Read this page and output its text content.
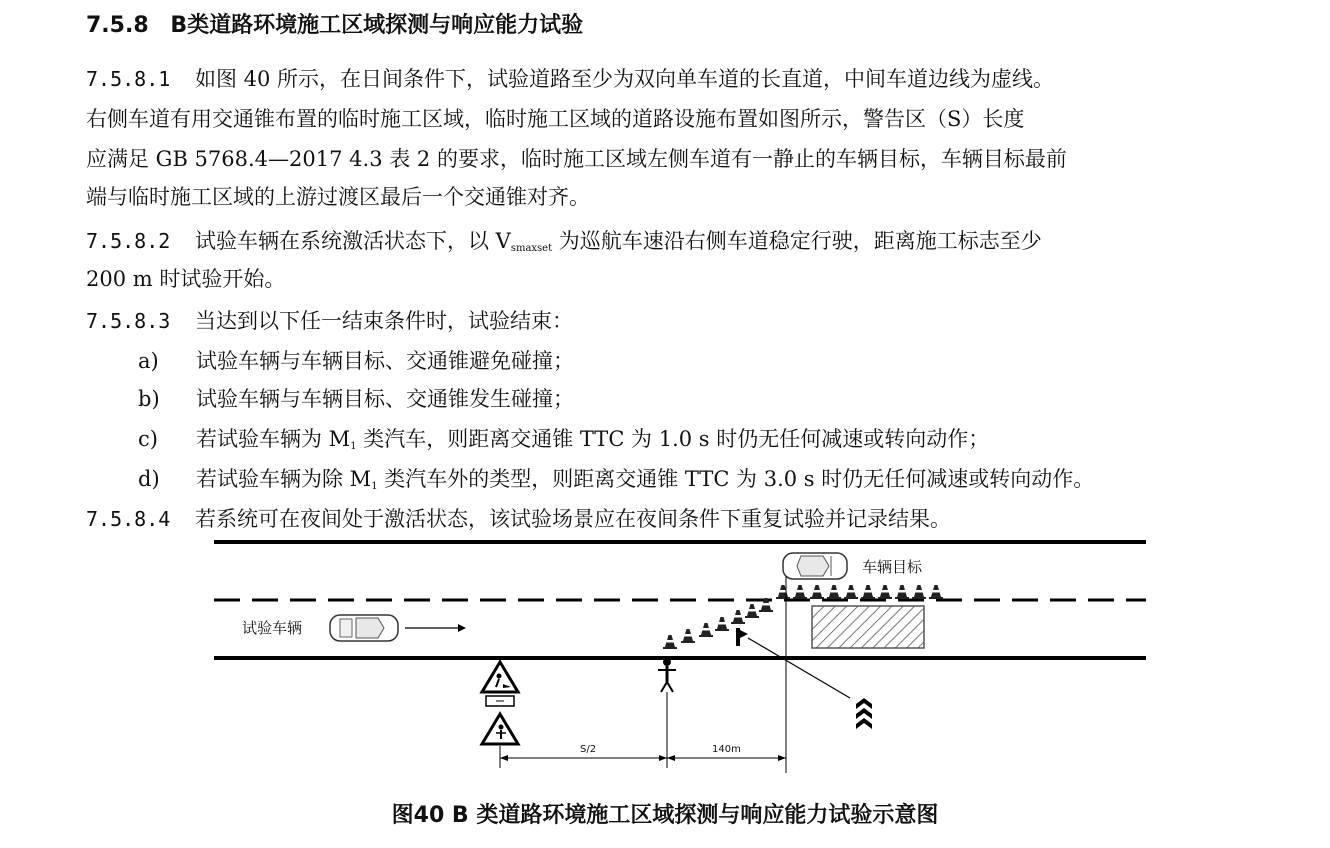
7.5.8 B类道路环境施工区域探测与响应能力试验
7.5.8.1 如图 40 所示，在日间条件下，试验道路至少为双向单车道的长直道，中间车道边线为虚线。
右侧车道有用交通锥布置的临时施工区域，临时施工区域的道路设施布置如图所示，警告区（S）长度
应满足 GB 5768.4—2017 4.3 表 2 的要求，临时施工区域左侧车道有一静止的车辆目标，车辆目标最前
端与临时施工区域的上游过渡区最后一个交通锥对齐。
7.5.8.2 试验车辆在系统激活状态下，以 $V_{smaxset}$ 为巡航车速沿右侧车道稳定行驶，距离施工标志至少
200 m 时试验开始。
7.5.8.3 当达到以下任一结束条件时，试验结束：
a) 试验车辆与车辆目标、交通锥避免碰撞；
b) 试验车辆与车辆目标、交通锥发生碰撞；
c) 若试验车辆为 $M_1$ 类汽车，则距离交通锥 TTC 为 1.0 s 时仍无任何减速或转向动作；
d) 若试验车辆为除 $M_1$ 类汽车外的类型，则距离交通锥 TTC 为 3.0 s 时仍无任何减速或转向动作。
7.5.8.4 若系统可在夜间处于激活状态，该试验场景应在夜间条件下重复试验并记录结果。
车辆目标
试验车辆
S/2	140m
图40 B 类道路环境施工区域探测与响应能力试验示意图
